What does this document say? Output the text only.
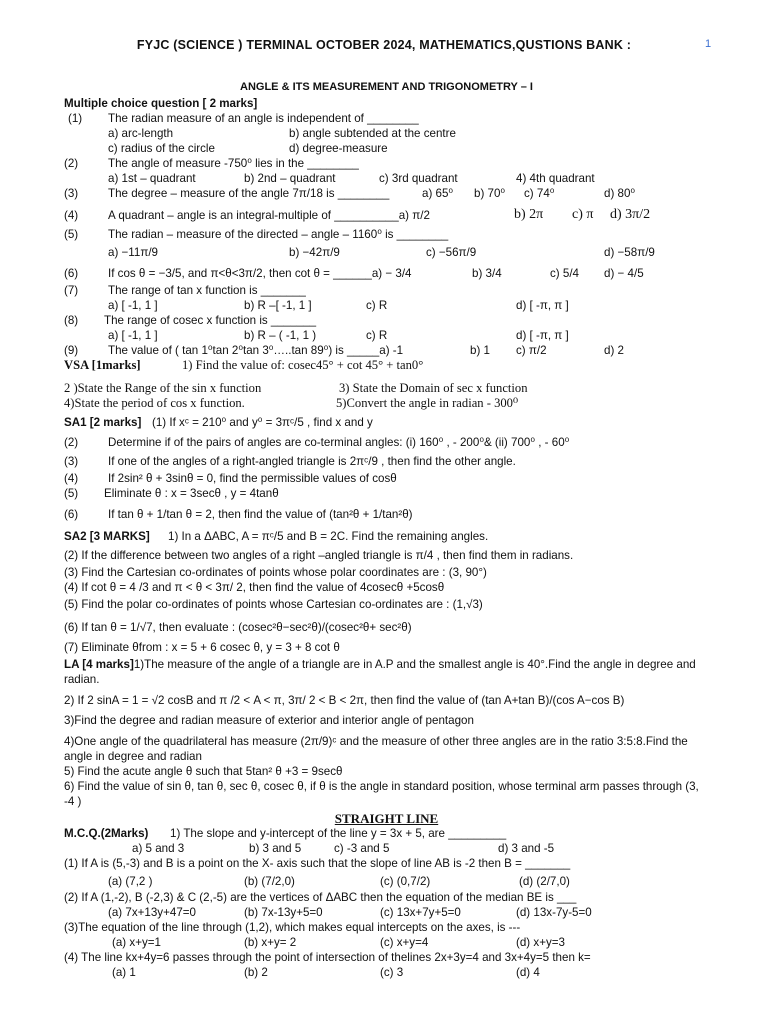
FYJC (SCIENCE ) TERMINAL OCTOBER 2024, MATHEMATICS,QUSTIONS BANK :	1
ANGLE & ITS MEASUREMENT AND TRIGONOMETRY – I
Multiple choice question [ 2 marks]
(1) The radian measure of an angle is independent of ________
a) arc-length	b) angle subtended at the centre
c) radius of the circle	d) degree-measure
(2)	The angle of measure -750⁰ lies in the ________
a) 1st – quadrant	b) 2nd – quadrant	c) 3rd quadrant	4) 4th quadrant
(3)	The degree – measure of the angle 7π/18 is ________	a) 65⁰ b) 70⁰ c) 74⁰	d) 80⁰
(4)	A quadrant – angle is an integral-multiple of __________a) π/2	b) 2π c) π d) 3π/2
(5)	The radian – measure of the directed – angle – 1160⁰ is ________
a) −11π/9	b) −42π/9	c) −56π/9	d) −58π/9
(6)	If cos θ = −3/5, and π<θ<3π/2, then cot θ = ______a) − 3/4	b) 3/4	c) 5/4 d) − 4/5
(7)	The range of tan x function is _______
a) [ -1, 1 ]	b) R –[ -1, 1 ]	c) R	d) [ -π, π ]
(8) The range of cosec x function is _______
a) [ -1, 1 ]	b) R – ( -1, 1 )	c) R	d) [ -π, π ]
(9)	The value of ( tan 1⁰tan 2⁰tan 3⁰…..tan 89⁰) is _____a) -1	b) 1 c) π/2	d) 2
VSA [1marks]	1) Find the value of: cosec45° + cot 45° + tan0°
2 )State the Range of the sin x function	3) State the Domain of sec x function
4)State the period of cos x function.	5)Convert the angle in radian - 300⁰
SA1 [2 marks] (1) If xᶜ = 210⁰ and y⁰ = 3πᶜ/5 , find x and y
(2)	Determine if of the pairs of angles are co-terminal angles: (i) 160⁰ , - 200⁰& (ii) 700⁰ , - 60⁰
(3)	If one of the angles of a right-angled triangle is 2πᶜ/9 , then find the other angle.
(4)	If 2sin² θ + 3sinθ = 0, find the permissible values of cosθ
(5) Eliminate θ : x = 3secθ , y = 4tanθ
(6)	If tan θ + 1/tan θ = 2, then find the value of (tan²θ + 1/tan²θ)
SA2 [3 MARKS] 1) In a ΔABC, A = πᶜ/5 and B = 2C. Find the remaining angles.
(2) If the difference between two angles of a right –angled triangle is π/4 , then find them in radians.
(3) Find the Cartesian co-ordinates of points whose polar coordinates are : (3, 90°)
(4) If cot θ = 4 /3 and π < θ < 3π/ 2, then find the value of 4cosecθ +5cosθ
(5) Find the polar co-ordinates of points whose Cartesian co-ordinates are : (1,√3)
(6) If tan θ = 1/√7, then evaluate : (cosec²θ−sec²θ)/(cosec²θ+ sec²θ)
(7) Eliminate θfrom : x = 5 + 6 cosec θ, y = 3 + 8 cot θ
LA [4 marks]1)The measure of the angle of a triangle are in A.P and the smallest angle is 40°.Find the angle in degree and radian.
2) If 2 sinA = 1 = √2 cosB and π /2 < A < π, 3π/ 2 < B < 2π, then find the value of (tan A+tan B)/(cos A−cos B)
3)Find the degree and radian measure of exterior and interior angle of pentagon
4)One angle of the quadrilateral has measure (2π/9)ᶜ and the measure of other three angles are in the ratio 3:5:8.Find the angle in degree and radian
5) Find the acute angle θ such that 5tan² θ +3 = 9secθ
6) Find the value of sin θ, tan θ, sec θ, cosec θ, if θ is the angle in standard position, whose terminal arm passes through (3, -4 )
STRAIGHT LINE
M.C.Q.(2Marks) 1) The slope and y-intercept of the line y = 3x + 5, are _________
a) 5 and 3	b) 3 and 5	c) -3 and 5	d) 3 and -5
(1) If A is (5,-3) and B is a point on the X- axis such that the slope of line AB is -2 then B = _______
(a) (7,2 )	(b) (7/2,0)	(c) (0,7/2)	(d) (2/7,0)
(2) If A (1,-2), B (-2,3) & C (2,-5) are the vertices of ΔABC then the equation of the median BE is ___
(a) 7x+13y+47=0	(b) 7x-13y+5=0	(c) 13x+7y+5=0	(d) 13x-7y-5=0
(3)The equation of the line through (1,2), which makes equal intercepts on the axes, is ---
(a) x+y=1	(b) x+y= 2	(c) x+y=4	(d) x+y=3
(4) The line kx+4y=6 passes through the point of intersection of thelines 2x+3y=4 and 3x+4y=5 then k=
(a) 1	(b) 2	(c) 3	(d) 4
